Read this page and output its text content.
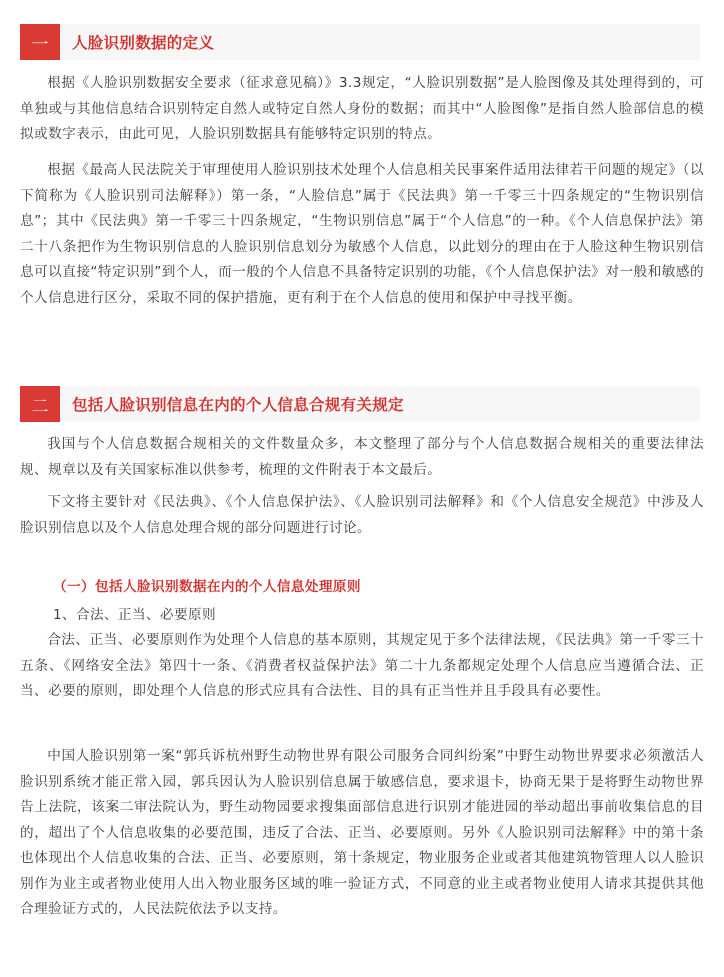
一	人脸识别数据的定义

根据《人脸识别数据安全要求（征求意见稿）》3.3规定，“人脸识别数据”是人脸图像及其处理得到的，可单独或与其他信息结合识别特定自然人或特定自然人身份的数据；而其中“人脸图像”是指自然人脸部信息的模拟或数字表示，由此可见，人脸识别数据具有能够特定识别的特点。

根据《最高人民法院关于审理使用人脸识别技术处理个人信息相关民事案件适用法律若干问题的规定》（以下简称为《人脸识别司法解释》）第一条，“人脸信息”属于《民法典》第一千零三十四条规定的“生物识别信息”；其中《民法典》第一千零三十四条规定，“生物识别信息”属于“个人信息”的一种。《个人信息保护法》第二十八条把作为生物识别信息的人脸识别信息划分为敏感个人信息，以此划分的理由在于人脸这种生物识别信息可以直接“特定识别”到个人，而一般的个人信息不具备特定识别的功能，《个人信息保护法》对一般和敏感的个人信息进行区分，采取不同的保护措施，更有利于在个人信息的使用和保护中寻找平衡。

二	包括人脸识别信息在内的个人信息合规有关规定

我国与个人信息数据合规相关的文件数量众多，本文整理了部分与个人信息数据合规相关的重要法律法规、规章以及有关国家标准以供参考，梳理的文件附表于本文最后。

下文将主要针对《民法典》、《个人信息保护法》、《人脸识别司法解释》和《个人信息安全规范》中涉及人脸识别信息以及个人信息处理合规的部分问题进行讨论。

（一）包括人脸识别数据在内的个人信息处理原则

1、合法、正当、必要原则

合法、正当、必要原则作为处理个人信息的基本原则，其规定见于多个法律法规，《民法典》第一千零三十五条、《网络安全法》第四十一条、《消费者权益保护法》第二十九条都规定处理个人信息应当遵循合法、正当、必要的原则，即处理个人信息的形式应具有合法性、目的具有正当性并且手段具有必要性。

中国人脸识别第一案“郭兵诉杭州野生动物世界有限公司服务合同纠纷案”中野生动物世界要求必须激活人脸识别系统才能正常入园，郭兵因认为人脸识别信息属于敏感信息，要求退卡，协商无果于是将野生动物世界告上法院，该案二审法院认为，野生动物园要求搜集面部信息进行识别才能进园的举动超出事前收集信息的目的，超出了个人信息收集的必要范围，违反了合法、正当、必要原则。另外《人脸识别司法解释》中的第十条也体现出个人信息收集的合法、正当、必要原则，第十条规定，物业服务企业或者其他建筑物管理人以人脸识别作为业主或者物业使用人出入物业服务区域的唯一验证方式，不同意的业主或者物业使用人请求其提供其他合理验证方式的，人民法院依法予以支持。
